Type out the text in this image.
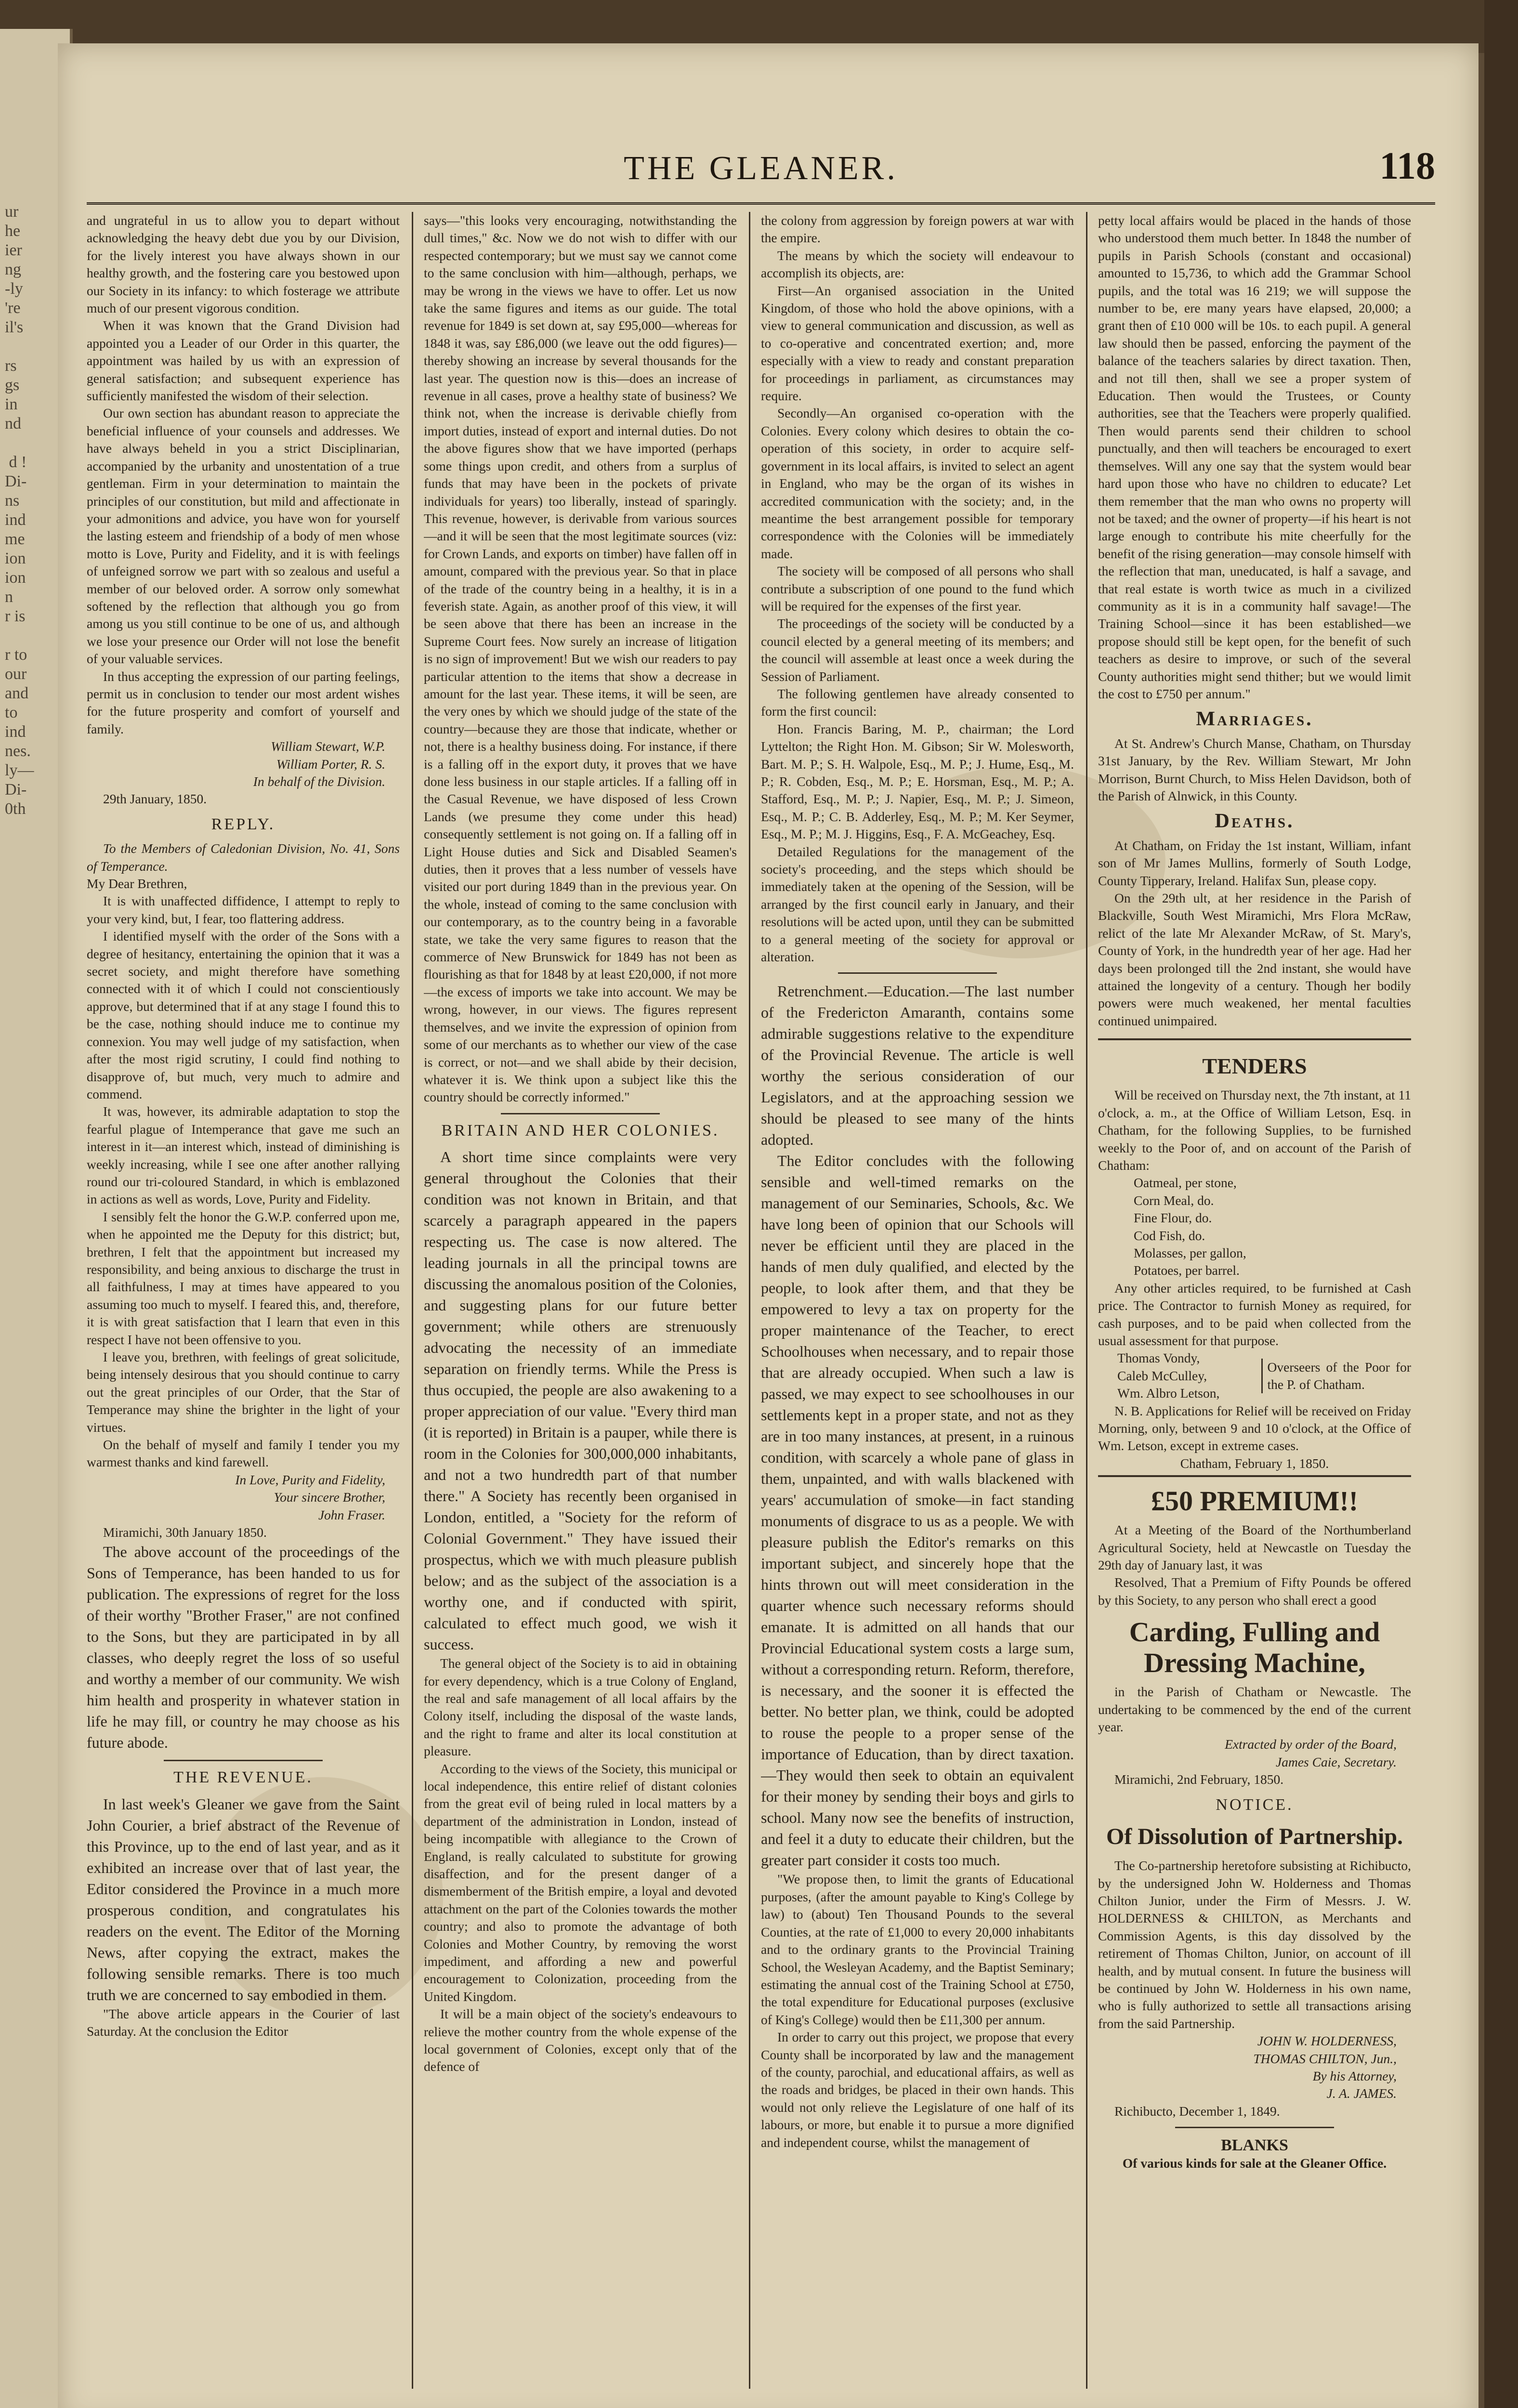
ur
he
ier
ng
-ly
're
il's

rs
gs
in
nd

d !
Di-
ns
ind
me
ion
ion
n
r is

r to
our
and
to
ind
nes.
ly—
Di-
0th
THE GLEANER.	118

and ungrateful in us to allow you to depart without acknowledging the heavy debt due you by our Division, for the lively interest you have always shown in our healthy growth, and the fostering care you bestowed upon our Society in its infancy: to which fosterage we attribute much of our present vigorous condition.

When it was known that the Grand Division had appointed you a Leader of our Order in this quarter, the appointment was hailed by us with an expression of general satisfaction; and subsequent experience has sufficiently manifested the wisdom of their selection.

Our own section has abundant reason to appreciate the beneficial influence of your counsels and addresses. We have always beheld in you a strict Disciplinarian, accompanied by the urbanity and unostentation of a true gentleman. Firm in your determination to maintain the principles of our constitution, but mild and affectionate in your admonitions and advice, you have won for yourself the lasting esteem and friendship of a body of men whose motto is Love, Purity and Fidelity, and it is with feelings of unfeigned sorrow we part with so zealous and useful a member of our beloved order. A sorrow only somewhat softened by the reflection that although you go from among us you still continue to be one of us, and although we lose your presence our Order will not lose the benefit of your valuable services.

In thus accepting the expression of our parting feelings, permit us in conclusion to tender our most ardent wishes for the future prosperity and comfort of yourself and family.

William Stewart, W.P.
William Porter, R. S.
In behalf of the Division.

29th January, 1850.

REPLY.

To the Members of Caledonian Division, No. 41, Sons of Temperance.

My Dear Brethren,

It is with unaffected diffidence, I attempt to reply to your very kind, but, I fear, too flattering address.

I identified myself with the order of the Sons with a degree of hesitancy, entertaining the opinion that it was a secret society, and might therefore have something connected with it of which I could not conscientiously approve, but determined that if at any stage I found this to be the case, nothing should induce me to continue my connexion. You may well judge of my satisfaction, when after the most rigid scrutiny, I could find nothing to disapprove of, but much, very much to admire and commend.

It was, however, its admirable adaptation to stop the fearful plague of Intemperance that gave me such an interest in it—an interest which, instead of diminishing is weekly increasing, while I see one after another rallying round our tri-coloured Standard, in which is emblazoned in actions as well as words, Love, Purity and Fidelity.

I sensibly felt the honor the G.W.P. conferred upon me, when he appointed me the Deputy for this district; but, brethren, I felt that the appointment but increased my responsibility, and being anxious to discharge the trust in all faithfulness, I may at times have appeared to you assuming too much to myself. I feared this, and, therefore, it is with great satisfaction that I learn that even in this respect I have not been offensive to you.

I leave you, brethren, with feelings of great solicitude, being intensely desirous that you should continue to carry out the great principles of our Order, that the Star of Temperance may shine the brighter in the light of your virtues.

On the behalf of myself and family I tender you my warmest thanks and kind farewell.

In Love, Purity and Fidelity,
Your sincere Brother,
John Fraser.

Miramichi, 30th January 1850.

The above account of the proceedings of the Sons of Temperance, has been handed to us for publication. The expressions of regret for the loss of their worthy "Brother Fraser," are not confined to the Sons, but they are participated in by all classes, who deeply regret the loss of so useful and worthy a member of our community. We wish him health and prosperity in whatever station in life he may fill, or country he may choose as his future abode.

THE REVENUE.

In last week's Gleaner we gave from the Saint John Courier, a brief abstract of the Revenue of this Province, up to the end of last year, and as it exhibited an increase over that of last year, the Editor considered the Province in a much more prosperous condition, and congratulates his readers on the event. The Editor of the Morning News, after copying the extract, makes the following sensible remarks. There is too much truth we are concerned to say embodied in them.

"The above article appears in the Courier of last Saturday. At the conclusion the Editor

says—"this looks very encouraging, notwithstanding the dull times," &c. Now we do not wish to differ with our respected contemporary; but we must say we cannot come to the same conclusion with him—although, perhaps, we may be wrong in the views we have to offer. Let us now take the same figures and items as our guide. The total revenue for 1849 is set down at, say £95,000—whereas for 1848 it was, say £86,000 (we leave out the odd figures)—thereby showing an increase by several thousands for the last year. The question now is this—does an increase of revenue in all cases, prove a healthy state of business? We think not, when the increase is derivable chiefly from import duties, instead of export and internal duties. Do not the above figures show that we have imported (perhaps some things upon credit, and others from a surplus of funds that may have been in the pockets of private individuals for years) too liberally, instead of sparingly. This revenue, however, is derivable from various sources—and it will be seen that the most legitimate sources (viz: for Crown Lands, and exports on timber) have fallen off in amount, compared with the previous year. So that in place of the trade of the country being in a healthy, it is in a feverish state. Again, as another proof of this view, it will be seen above that there has been an increase in the Supreme Court fees. Now surely an increase of litigation is no sign of improvement! But we wish our readers to pay particular attention to the items that show a decrease in amount for the last year. These items, it will be seen, are the very ones by which we should judge of the state of the country—because they are those that indicate, whether or not, there is a healthy business doing. For instance, if there is a falling off in the export duty, it proves that we have done less business in our staple articles. If a falling off in the Casual Revenue, we have disposed of less Crown Lands (we presume they come under this head) consequently settlement is not going on. If a falling off in Light House duties and Sick and Disabled Seamen's duties, then it proves that a less number of vessels have visited our port during 1849 than in the previous year. On the whole, instead of coming to the same conclusion with our contemporary, as to the country being in a favorable state, we take the very same figures to reason that the commerce of New Brunswick for 1849 has not been as flourishing as that for 1848 by at least £20,000, if not more—the excess of imports we take into account. We may be wrong, however, in our views. The figures represent themselves, and we invite the expression of opinion from some of our merchants as to whether our view of the case is correct, or not—and we shall abide by their decision, whatever it is. We think upon a subject like this the country should be correctly informed."

BRITAIN AND HER COLONIES.

A short time since complaints were very general throughout the Colonies that their condition was not known in Britain, and that scarcely a paragraph appeared in the papers respecting us. The case is now altered. The leading journals in all the principal towns are discussing the anomalous position of the Colonies, and suggesting plans for our future better government; while others are strenuously advocating the necessity of an immediate separation on friendly terms. While the Press is thus occupied, the people are also awakening to a proper appreciation of our value. "Every third man (it is reported) in Britain is a pauper, while there is room in the Colonies for 300,000,000 inhabitants, and not a two hundredth part of that number there." A Society has recently been organised in London, entitled, a "Society for the reform of Colonial Government." They have issued their prospectus, which we with much pleasure publish below; and as the subject of the association is a worthy one, and if conducted with spirit, calculated to effect much good, we wish it success.

The general object of the Society is to aid in obtaining for every dependency, which is a true Colony of England, the real and safe management of all local affairs by the Colony itself, including the disposal of the waste lands, and the right to frame and alter its local constitution at pleasure.

According to the views of the Society, this municipal or local independence, this entire relief of distant colonies from the great evil of being ruled in local matters by a department of the administration in London, instead of being incompatible with allegiance to the Crown of England, is really calculated to substitute for growing disaffection, and for the present danger of a dismemberment of the British empire, a loyal and devoted attachment on the part of the Colonies towards the mother country; and also to promote the advantage of both Colonies and Mother Country, by removing the worst impediment, and affording a new and powerful encouragement to Colonization, proceeding from the United Kingdom.

It will be a main object of the society's endeavours to relieve the mother country from the whole expense of the local government of Colonies, except only that of the defence of

the colony from aggression by foreign powers at war with the empire.

The means by which the society will endeavour to accomplish its objects, are:

First—An organised association in the United Kingdom, of those who hold the above opinions, with a view to general communication and discussion, as well as to co-operative and concentrated exertion; and, more especially with a view to ready and constant preparation for proceedings in parliament, as circumstances may require.

Secondly—An organised co-operation with the Colonies. Every colony which desires to obtain the co-operation of this society, in order to acquire self-government in its local affairs, is invited to select an agent in England, who may be the organ of its wishes in accredited communication with the society; and, in the meantime the best arrangement possible for temporary correspondence with the Colonies will be immediately made.

The society will be composed of all persons who shall contribute a subscription of one pound to the fund which will be required for the expenses of the first year.

The proceedings of the society will be conducted by a council elected by a general meeting of its members; and the council will assemble at least once a week during the Session of Parliament.

The following gentlemen have already consented to form the first council:

Hon. Francis Baring, M. P., chairman; the Lord Lyttelton; the Right Hon. M. Gibson; Sir W. Molesworth, Bart. M. P.; S. H. Walpole, Esq., M. P.; J. Hume, Esq., M. P.; R. Cobden, Esq., M. P.; E. Horsman, Esq., M. P.; A. Stafford, Esq., M. P.; J. Napier, Esq., M. P.; J. Simeon, Esq., M. P.; C. B. Adderley, Esq., M. P.; M. Ker Seymer, Esq., M. P.; M. J. Higgins, Esq., F. A. McGeachey, Esq.

Detailed Regulations for the management of the society's proceeding, and the steps which should be immediately taken at the opening of the Session, will be arranged by the first council early in January, and their resolutions will be acted upon, until they can be submitted to a general meeting of the society for approval or alteration.

Retrenchment.—Education.—The last number of the Fredericton Amaranth, contains some admirable suggestions relative to the expenditure of the Provincial Revenue. The article is well worthy the serious consideration of our Legislators, and at the approaching session we should be pleased to see many of the hints adopted.

The Editor concludes with the following sensible and well-timed remarks on the management of our Seminaries, Schools, &c. We have long been of opinion that our Schools will never be efficient until they are placed in the hands of men duly qualified, and elected by the people, to look after them, and that they be empowered to levy a tax on property for the proper maintenance of the Teacher, to erect Schoolhouses when necessary, and to repair those that are already occupied. When such a law is passed, we may expect to see schoolhouses in our settlements kept in a proper state, and not as they are in too many instances, at present, in a ruinous condition, with scarcely a whole pane of glass in them, unpainted, and with walls blackened with years' accumulation of smoke—in fact standing monuments of disgrace to us as a people. We with pleasure publish the Editor's remarks on this important subject, and sincerely hope that the hints thrown out will meet consideration in the quarter whence such necessary reforms should emanate. It is admitted on all hands that our Provincial Educational system costs a large sum, without a corresponding return. Reform, therefore, is necessary, and the sooner it is effected the better. No better plan, we think, could be adopted to rouse the people to a proper sense of the importance of Education, than by direct taxation.—They would then seek to obtain an equivalent for their money by sending their boys and girls to school. Many now see the benefits of instruction, and feel it a duty to educate their children, but the greater part consider it costs too much.

"We propose then, to limit the grants of Educational purposes, (after the amount payable to King's College by law) to (about) Ten Thousand Pounds to the several Counties, at the rate of £1,000 to every 20,000 inhabitants and to the ordinary grants to the Provincial Training School, the Wesleyan Academy, and the Baptist Seminary; estimating the annual cost of the Training School at £750, the total expenditure for Educational purposes (exclusive of King's College) would then be £11,300 per annum.

In order to carry out this project, we propose that every County shall be incorporated by law and the management of the county, parochial, and educational affairs, as well as the roads and bridges, be placed in their own hands. This would not only relieve the Legislature of one half of its labours, or more, but enable it to pursue a more dignified and independent course, whilst the management of

petty local affairs would be placed in the hands of those who understood them much better. In 1848 the number of pupils in Parish Schools (constant and occasional) amounted to 15,736, to which add the Grammar School pupils, and the total was 16 219; we will suppose the number to be, ere many years have elapsed, 20,000; a grant then of £10 000 will be 10s. to each pupil. A general law should then be passed, enforcing the payment of the balance of the teachers salaries by direct taxation. Then, and not till then, shall we see a proper system of Education. Then would the Trustees, or County authorities, see that the Teachers were properly qualified. Then would parents send their children to school punctually, and then will teachers be encouraged to exert themselves. Will any one say that the system would bear hard upon those who have no children to educate? Let them remember that the man who owns no property will not be taxed; and the owner of property—if his heart is not large enough to contribute his mite cheerfully for the benefit of the rising generation—may console himself with the reflection that man, uneducated, is half a savage, and that real estate is worth twice as much in a civilized community as it is in a community half savage!—The Training School—since it has been established—we propose should still be kept open, for the benefit of such teachers as desire to improve, or such of the several County authorities might send thither; but we would limit the cost to £750 per annum."

Marriages.

At St. Andrew's Church Manse, Chatham, on Thursday 31st January, by the Rev. William Stewart, Mr John Morrison, Burnt Church, to Miss Helen Davidson, both of the Parish of Alnwick, in this County.

Deaths.

At Chatham, on Friday the 1st instant, William, infant son of Mr James Mullins, formerly of South Lodge, County Tipperary, Ireland. Halifax Sun, please copy.

On the 29th ult, at her residence in the Parish of Blackville, South West Miramichi, Mrs Flora McRaw, relict of the late Mr Alexander McRaw, of St. Mary's, County of York, in the hundredth year of her age. Had her days been prolonged till the 2nd instant, she would have attained the longevity of a century. Though her bodily powers were much weakened, her mental faculties continued unimpaired.

TENDERS

Will be received on Thursday next, the 7th instant, at 11 o'clock, a. m., at the Office of William Letson, Esq. in Chatham, for the following Supplies, to be furnished weekly to the Poor of, and on account of the Parish of Chatham:

Oatmeal, per stone,

Corn Meal, do.

Fine Flour, do.

Cod Fish, do.

Molasses, per gallon,

Potatoes, per barrel.

Any other articles required, to be furnished at Cash price. The Contractor to furnish Money as required, for cash purposes, and to be paid when collected from the usual assessment for that purpose.

Thomas Vondy,
Caleb McCulley,
Wm. Albro Letson,
Overseers of the Poor for the P. of Chatham.

N. B. Applications for Relief will be received on Friday Morning, only, between 9 and 10 o'clock, at the Office of Wm. Letson, except in extreme cases.

Chatham, February 1, 1850.

£50 PREMIUM!!

At a Meeting of the Board of the Northumberland Agricultural Society, held at Newcastle on Tuesday the 29th day of January last, it was

Resolved, That a Premium of Fifty Pounds be offered by this Society, to any person who shall erect a good

Carding, Fulling and Dressing Machine,

in the Parish of Chatham or Newcastle. The undertaking to be commenced by the end of the current year.

Extracted by order of the Board,
James Caie, Secretary.

Miramichi, 2nd February, 1850.

NOTICE.
Of Dissolution of Partnership.

The Co-partnership heretofore subsisting at Richibucto, by the undersigned John W. Holderness and Thomas Chilton Junior, under the Firm of Messrs. J. W. HOLDERNESS & CHILTON, as Merchants and Commission Agents, is this day dissolved by the retirement of Thomas Chilton, Junior, on account of ill health, and by mutual consent. In future the business will be continued by John W. Holderness in his own name, who is fully authorized to settle all transactions arising from the said Partnership.

JOHN W. HOLDERNESS,
THOMAS CHILTON, Jun.,
By his Attorney,
J. A. JAMES.

Richibucto, December 1, 1849.

BLANKS

Of various kinds for sale at the Gleaner Office.
